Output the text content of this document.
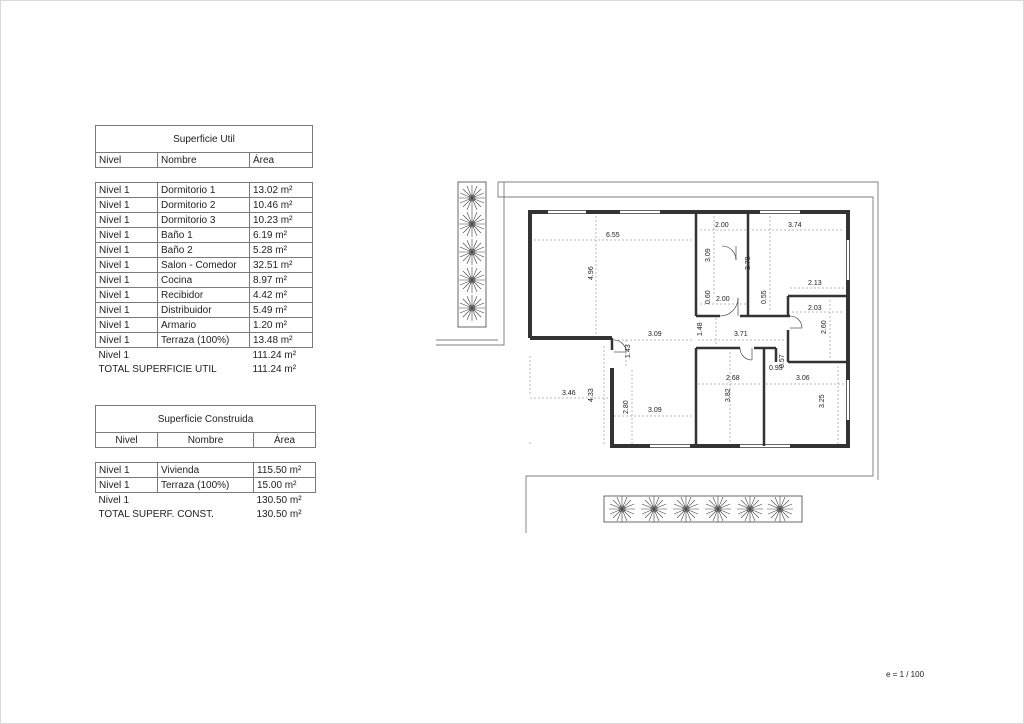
Superficie Util		
Nivel	Nombre	Área

Nivel 1	Dormitorio 1	13.02 m²
Nivel 1	Dormitorio 2	10.46 m²
Nivel 1	Dormitorio 3	10.23 m²
Nivel 1	Baño 1	6.19 m²
Nivel 1	Baño 2	5.28 m²
Nivel 1	Salon - Comedor	32.51 m²
Nivel 1	Cocina	8.97 m²
Nivel 1	Recibidor	4.42 m²
Nivel 1	Distribuidor	5.49 m²
Nivel 1	Armario	1.20 m²
Nivel 1	Terraza (100%)	13.48 m²
Nivel 1		111.24 m²
TOTAL SUPERFICIE UTIL		111.24 m²
Superficie Construida		
Nivel	Nombre	Área

Nivel 1	Vivienda	115.50 m²
Nivel 1	Terraza (100%)	15.00 m²
Nivel 1		130.50 m²
TOTAL SUPERF. CONST.		130.50 m²
6.55
4.96
2.00
3.09
3.74
3.79
2.13
0.60 2.00	0.55
2.03
2.60
3.09	3.71
1.48
1.43
3.46 4.33
2.80	3.09
2.68
3.82
0.57
0.93
3.06
3.25
e = 1 / 100
